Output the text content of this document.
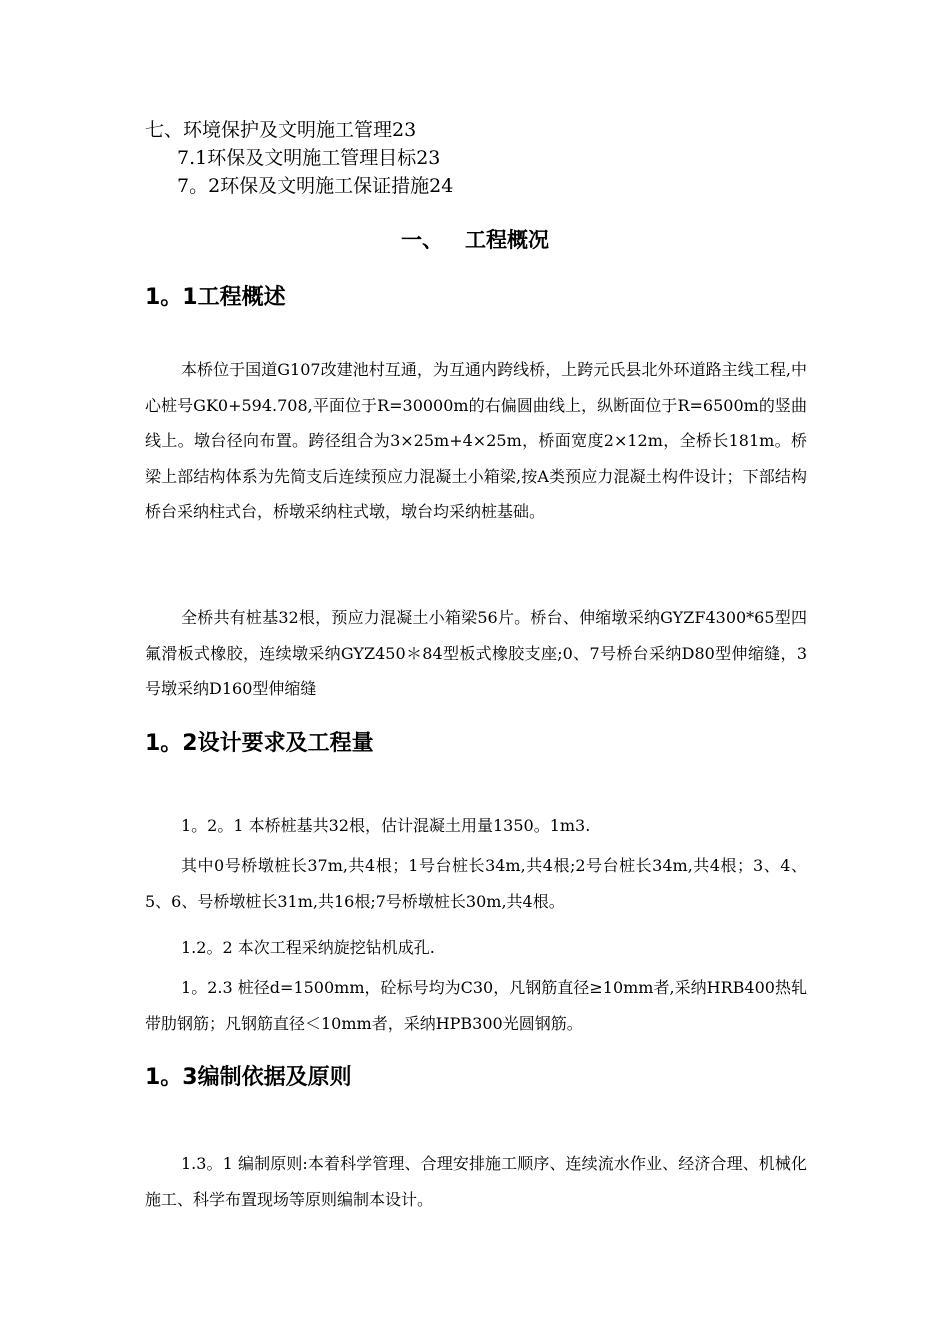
七、环境保护及文明施工管理23
7.1环保及文明施工管理目标23
7。2环保及文明施工保证措施24
一、   工程概况
1。1工程概述
本桥位于国道G107改建池村互通，为互通内跨线桥，上跨元氏县北外环道路主线工程,中心桩号GK0+594.708,平面位于R=30000m的右偏圆曲线上，纵断面位于R=6500m的竖曲线上。墩台径向布置。跨径组合为3×25m+4×25m，桥面宽度2×12m，全桥长181m。桥梁上部结构体系为先简支后连续预应力混凝土小箱梁,按A类预应力混凝土构件设计；下部结构桥台采纳柱式台，桥墩采纳柱式墩，墩台均采纳桩基础。
全桥共有桩基32根，预应力混凝土小箱梁56片。桥台、伸缩墩采纳GYZF4300*65型四氟滑板式橡胶，连续墩采纳GYZ450＊84型板式橡胶支座;0、7号桥台采纳D80型伸缩缝，3号墩采纳D160型伸缩缝
1。2设计要求及工程量
1。2。1 本桥桩基共32根，估计混凝土用量1350。1m3.
其中0号桥墩桩长37m,共4根；1号台桩长34m,共4根;2号台桩长34m,共4根；3、4、5、6、号桥墩桩长31m,共16根;7号桥墩桩长30m,共4根。
1.2。2 本次工程采纳旋挖钻机成孔.
1。2.3 桩径d=1500mm，砼标号均为C30，凡钢筋直径≥10mm者,采纳HRB400热轧带肋钢筋；凡钢筋直径＜10mm者，采纳HPB300光圆钢筋。
1。3编制依据及原则
1.3。1 编制原则:本着科学管理、合理安排施工顺序、连续流水作业、经济合理、机械化施工、科学布置现场等原则编制本设计。
